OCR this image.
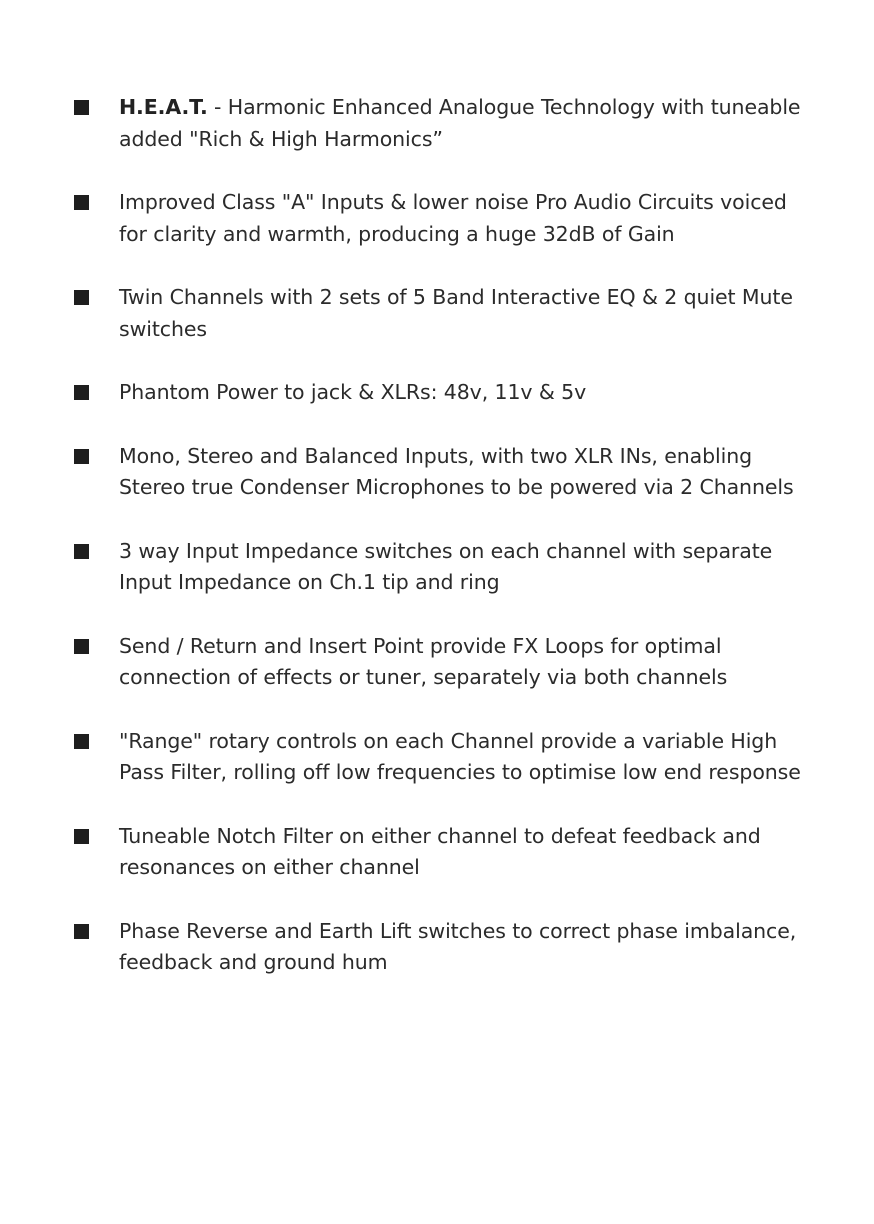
H.E.A.T. - Harmonic Enhanced Analogue Technology with tuneable added "Rich & High Harmonics”
Improved Class "A" Inputs & lower noise Pro Audio Circuits voiced for clarity and warmth, producing a huge 32dB of Gain
Twin Channels with 2 sets of 5 Band Interactive EQ & 2 quiet Mute switches
Phantom Power to jack & XLRs: 48v, 11v & 5v
Mono, Stereo and Balanced Inputs, with two XLR INs, enabling Stereo true Condenser Microphones to be powered via 2 Channels
3 way Input Impedance switches on each channel with separate Input Impedance on Ch.1 tip and ring
Send / Return and Insert Point provide FX Loops for optimal connection of effects or tuner, separately via both channels
"Range" rotary controls on each Channel provide a variable High Pass Filter, rolling off low frequencies to optimise low end response
Tuneable Notch Filter on either channel to defeat feedback and resonances on either channel
Phase Reverse and Earth Lift switches to correct phase imbalance, feedback and ground hum
